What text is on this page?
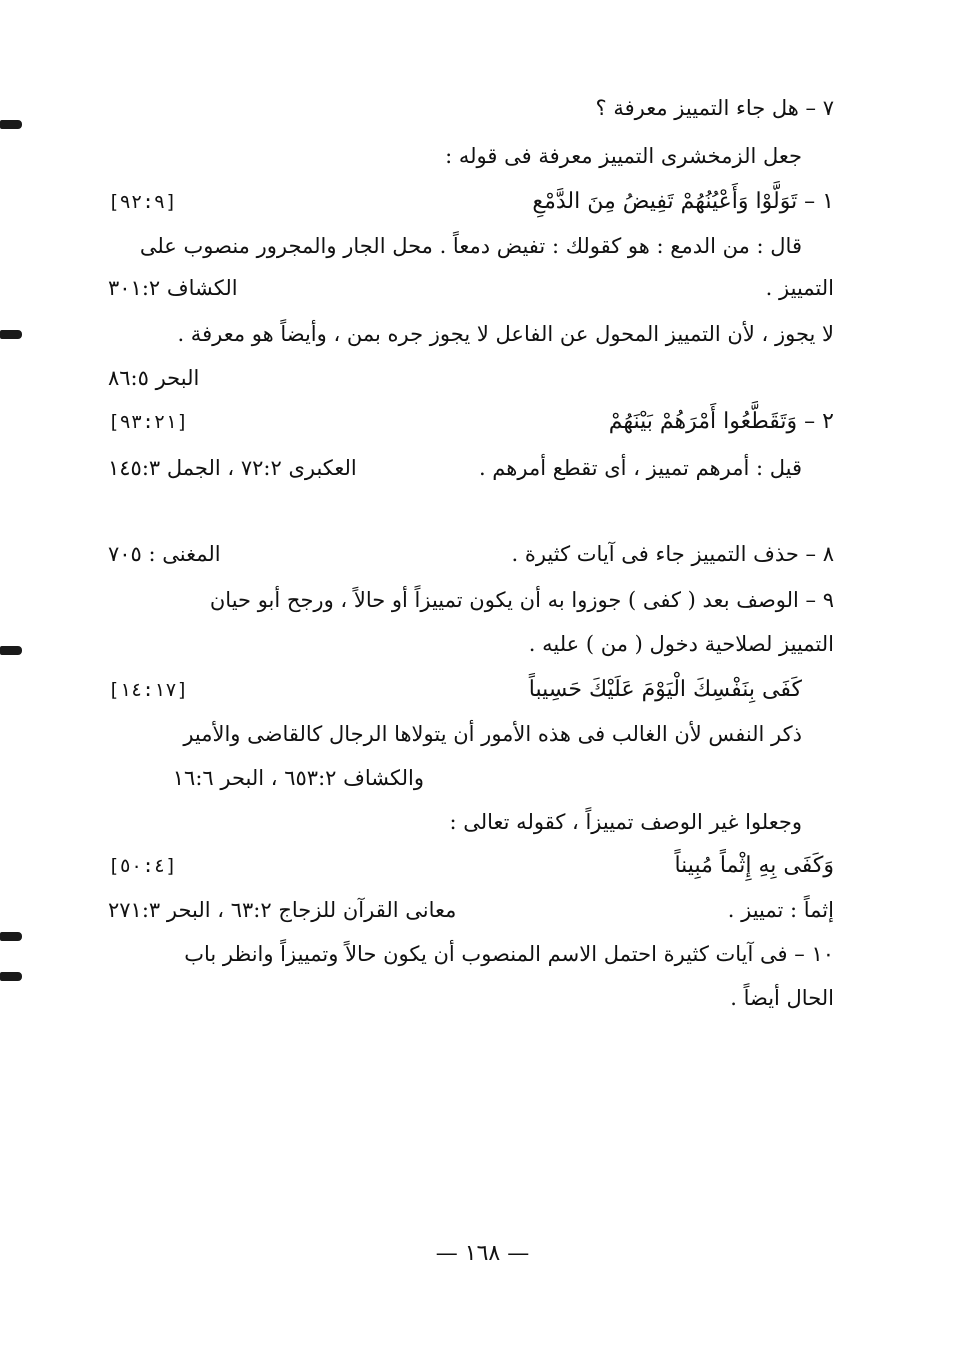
٧ – هل جاء التمييز معرفة ؟
جعل الزمخشرى التمييز معرفة فى قوله :
١ – تَوَلَّوْا وَأَعْيُنُهُمْ تَفِيضُ مِنَ الدَّمْعِ
[٩٢:٩]
قال : من الدمع : هو كقولك : تفيض دمعاً . محل الجار والمجرور منصوب على
التمييز .
الكشاف ٣٠١:٢
لا يجوز ، لأن التمييز المحول عن الفاعل لا يجوز جره بمن ، وأيضاً هو معرفة .
البحر ٨٦:٥
٢ – وَتَقَطَّعُوا أَمْرَهُمْ بَيْنَهُمْ
[٩٣:٢١]
قيل : أمرهم تمييز ، أى تقطع أمرهم .
العكبرى ٧٢:٢ ، الجمل ١٤٥:٣
٨ – حذف التمييز جاء فى آيات كثيرة .
المغنى : ٧٠٥
٩ – الوصف بعد ( كفى ) جوزوا به أن يكون تمييزاً أو حالاً ، ورجح أبو حيان
التمييز لصلاحية دخول ( من ) عليه .
كَفَى بِنَفْسِكَ الْيَوْمَ عَلَيْكَ حَسِيباً
[١٤:١٧]
ذكر النفس لأن الغالب فى هذه الأمور أن يتولاها الرجال كالقاضى والأمير
والكشاف ٦٥٣:٢ ، البحر ١٦:٦
وجعلوا غير الوصف تمييزاً ، كقوله تعالى :
وَكَفَى بِهِ إِثْماً مُبِيناً
[٥٠:٤]
إثماً : تمييز .
معانى القرآن للزجاج ٦٣:٢ ، البحر ٢٧١:٣
١٠ – فى آيات كثيرة احتمل الاسم المنصوب أن يكون حالاً وتمييزاً وانظر باب
الحال أيضاً .
— ١٦٨ —
